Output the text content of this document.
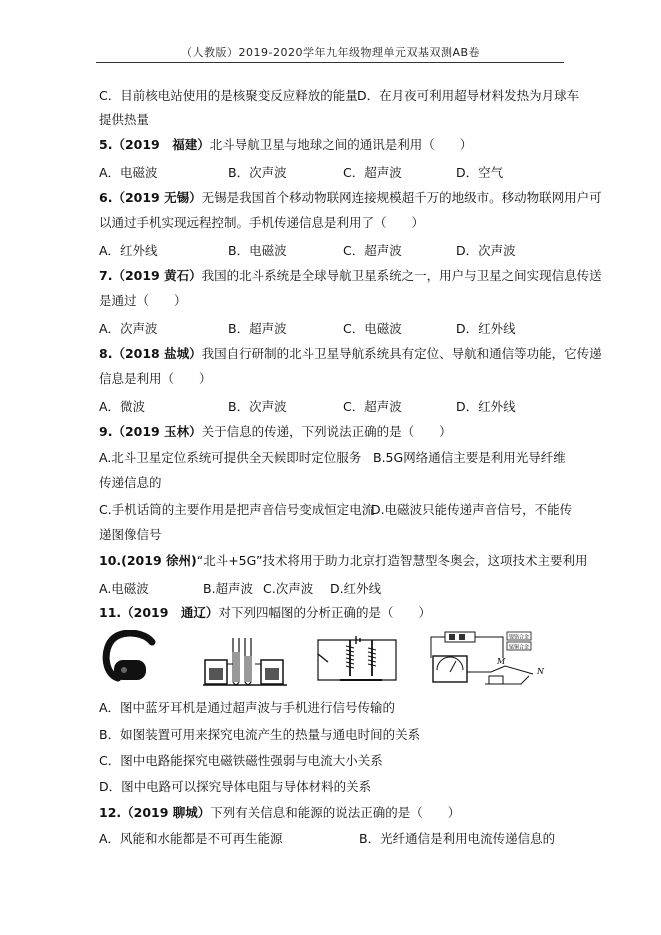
（人教版）2019-2020学年九年级物理单元双基双测AB卷
C．目前核电站使用的是核聚变反应释放的能量 D．在月夜可利用超导材料发热为月球车
提供热量
5.（2019　福建）北斗导航卫星与地球之间的通讯是利用（　　）
A．电磁波	B．次声波	C．超声波	D．空气
6.（2019 无锡）无锡是我国首个移动物联网连接规模超千万的地级市。移动物联网用户可
以通过手机实现远程控制。手机传递信息是利用了（　　）
A．红外线	B．电磁波	C．超声波	D．次声波
7.（2019 黄石）我国的北斗系统是全球导航卫星系统之一，用户与卫星之间实现信息传送
是通过（　　）
A．次声波	B．超声波	C．电磁波	D．红外线
8.（2018 盐城）我国自行研制的北斗卫星导航系统具有定位、导航和通信等功能，它传递
信息是利用（　　）
A．微波	B．次声波	C．超声波	D．红外线
9.（2019 玉林）关于信息的传递，下列说法正确的是（　　）
A.北斗卫星定位系统可提供全天候即时定位服务 B.5G网络通信主要是利用光导纤维
传递信息的
C.手机话筒的主要作用是把声音信号变成恒定电流
D.电磁波只能传递声音信号，不能传
递图像信号
10.(2019 徐州)“北斗+5G”技术将用于助力北京打造智慧型冬奥会，这项技术主要利用
A.电磁波	B.超声波 C.次声波 D.红外线
11.（2019　通辽）对下列四幅图的分析正确的是（　　）
镍铬合金
锰铜合金
M
N
A．图中蓝牙耳机是通过超声波与手机进行信号传输的
B．如图装置可用来探究电流产生的热量与通电时间的关系
C．图中电路能探究电磁铁磁性强弱与电流大小关系
D．图中电路可以探究导体电阻与导体材料的关系
12.（2019 聊城）下列有关信息和能源的说法正确的是（　　）
A．风能和水能都是不可再生能源	B．光纤通信是利用电流传递信息的
